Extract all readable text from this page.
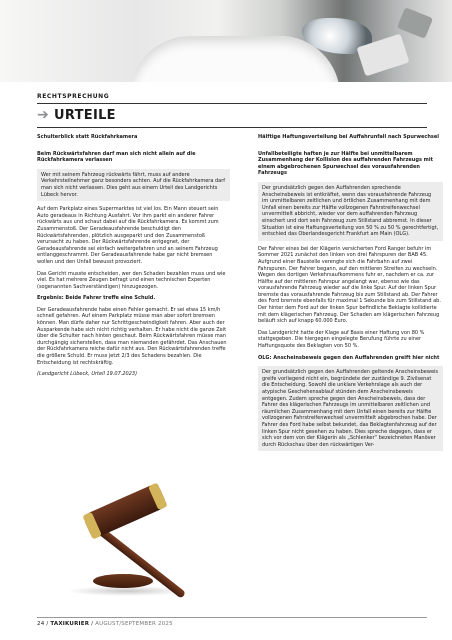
RECHTSPRECHUNG
➔ URTEILE

Schulterblick statt Rückfahrkamera

Beim Rückwärtsfahren darf man sich nicht allein auf die Rückfahrkamera verlassen

Wer mit seinem Fahrzeug rückwärts fährt, muss auf andere Verkehrsteilnehmer ganz besonders achten. Auf die Rückfahrkamera darf man sich nicht verlassen. Dies geht aus einem Urteil des Landgerichts Lübeck hervor.

Auf dem Parkplatz eines Supermarktes ist viel los. Ein Mann steuert sein Auto geradeaus in Richtung Ausfahrt. Vor ihm parkt ein anderer Fahrer rückwärts aus und schaut dabei auf die Rückfahrkamera. Es kommt zum Zusammenstoß. Der Geradeausfahrende beschuldigt den Rückwärtsfahrenden, plötzlich ausgeparkt und den Zusammenstoß verursacht zu haben. Der Rückwärtsfahrende entgegnet, der Geradeausfahrende sei einfach weitergefahren und an seinem Fahrzeug entlanggeschrammt. Der Geradeausfahrende habe gar nicht bremsen wollen und den Unfall bewusst provoziert.

Das Gericht musste entscheiden, wer den Schaden bezahlen muss und wie viel. Es hat mehrere Zeugen befragt und einen technischen Experten (sogenannten Sachverständigen) hinzugezogen.

Ergebnis: Beide Fahrer treffe eine Schuld.

Der Geradeausfahrende habe einen Fehler gemacht. Er sei etwa 15 km/h schnell gefahren. Auf einem Parkplatz müsse man aber sofort bremsen können. Man dürfe daher nur Schrittgeschwindigkeit fahren. Aber auch der Ausparkende habe sich nicht richtig verhalten. Er habe nicht die ganze Zeit über die Schulter nach hinten geschaut. Beim Rückwärtsfahren müsse man durchgängig sicherstellen, dass man niemanden gefährdet. Das Anschauen der Rückfahrkamera reiche dafür nicht aus. Den Rückwärtsfahrenden treffe die größere Schuld. Er muss jetzt 2/3 des Schadens bezahlen. Die Entscheidung ist rechtskräftig.

(Landgericht Lübeck, Urteil 19.07.2023)

Hälftige Haftungsverteilung bei Auffahrunfall nach Spurwechsel

Unfallbeteiligte haften je zur Hälfte bei unmittelbarem Zusammenhang der Kollision des auffahrenden Fahrzeugs mit einem abgebrochenen Spurwechsel des vorausfahrenden Fahrzeugs

Der grundsätzlich gegen den Auffahrenden sprechende Anscheinsbeweis ist entkräftet, wenn das vorausfahrende Fahrzeug im unmittelbaren zeitlichen und örtlichen Zusammenhang mit dem Unfall einen bereits zur Hälfte vollzogenen Fahrstreifenwechsel unvermittelt abbricht, wieder vor dem auffahrenden Fahrzeug einschert und dort sein Fahrzeug zum Stillstand abbremst. In dieser Situation ist eine Haftungsverteilung von 50 % zu 50 % gerechtfertigt, entschied das Oberlandesgericht Frankfurt am Main (OLG).

Der Fahrer eines bei der Klägerin versicherten Ford Ranger befuhr im Sommer 2021 zunächst den linken von drei Fahrspuren der BAB 45. Aufgrund einer Baustelle verengte sich die Fahrbahn auf zwei Fahrspuren. Der Fahrer begann, auf den mittleren Streifen zu wechseln. Wegen des dortigen Verkehrsaufkommens fuhr er, nachdem er ca. zur Hälfte auf der mittleren Fahrspur angelangt war, ebenso wie das vorausfahrende Fahrzeug wieder auf die linke Spur. Auf der linken Spur bremste das vorausfahrende Fahrzeug bis zum Stillstand ab. Der Fahrer des Ford bremste ebenfalls für maximal 1 Sekunde bis zum Stillstand ab. Der hinter dem Ford auf der linken Spur befindliche Beklagte kollidierte mit dem klägerischen Fahrzeug. Der Schaden am klägerischen Fahrzeug beläuft sich auf knapp 60.000 Euro.

Das Landgericht hatte der Klage auf Basis einer Haftung von 80 % stattgegeben. Die hiergegen eingelegte Berufung führte zu einer Haftungsquote des Beklagten von 50 %.

OLG: Anscheinsbeweis gegen den Auffahrenden greift hier nicht

Der grundsätzlich gegen den Auffahrenden geltende Anscheinsbeweis greife vorliegend nicht ein, begründete der zuständige 9. Zivilsenat die Entscheidung. Sowohl die unklare Verkehrslage als auch der atypische Geschehensablauf stünden dem Anscheinsbeweis entgegen. Zudem spreche gegen den Anscheinsbeweis, dass der Fahrer des klägerischen Fahrzeugs im unmittelbaren zeitlichen und räumlichen Zusammenhang mit dem Unfall einen bereits zur Hälfte vollzogenen Fahrstreifenwechsel unvermittelt abgebrochen habe. Der Fahrer des Ford habe selbst bekundet, das Beklagtenfahrzeug auf der linken Spur nicht gesehen zu haben. Dies spreche dagegen, dass er sich vor dem von der Klägerin als „Schlenker“ bezeichneten Manöver durch Rückschau über den rückwärtigen Ver-

24 / TAXIKURIER / AUGUST/SEPTEMBER 2025
